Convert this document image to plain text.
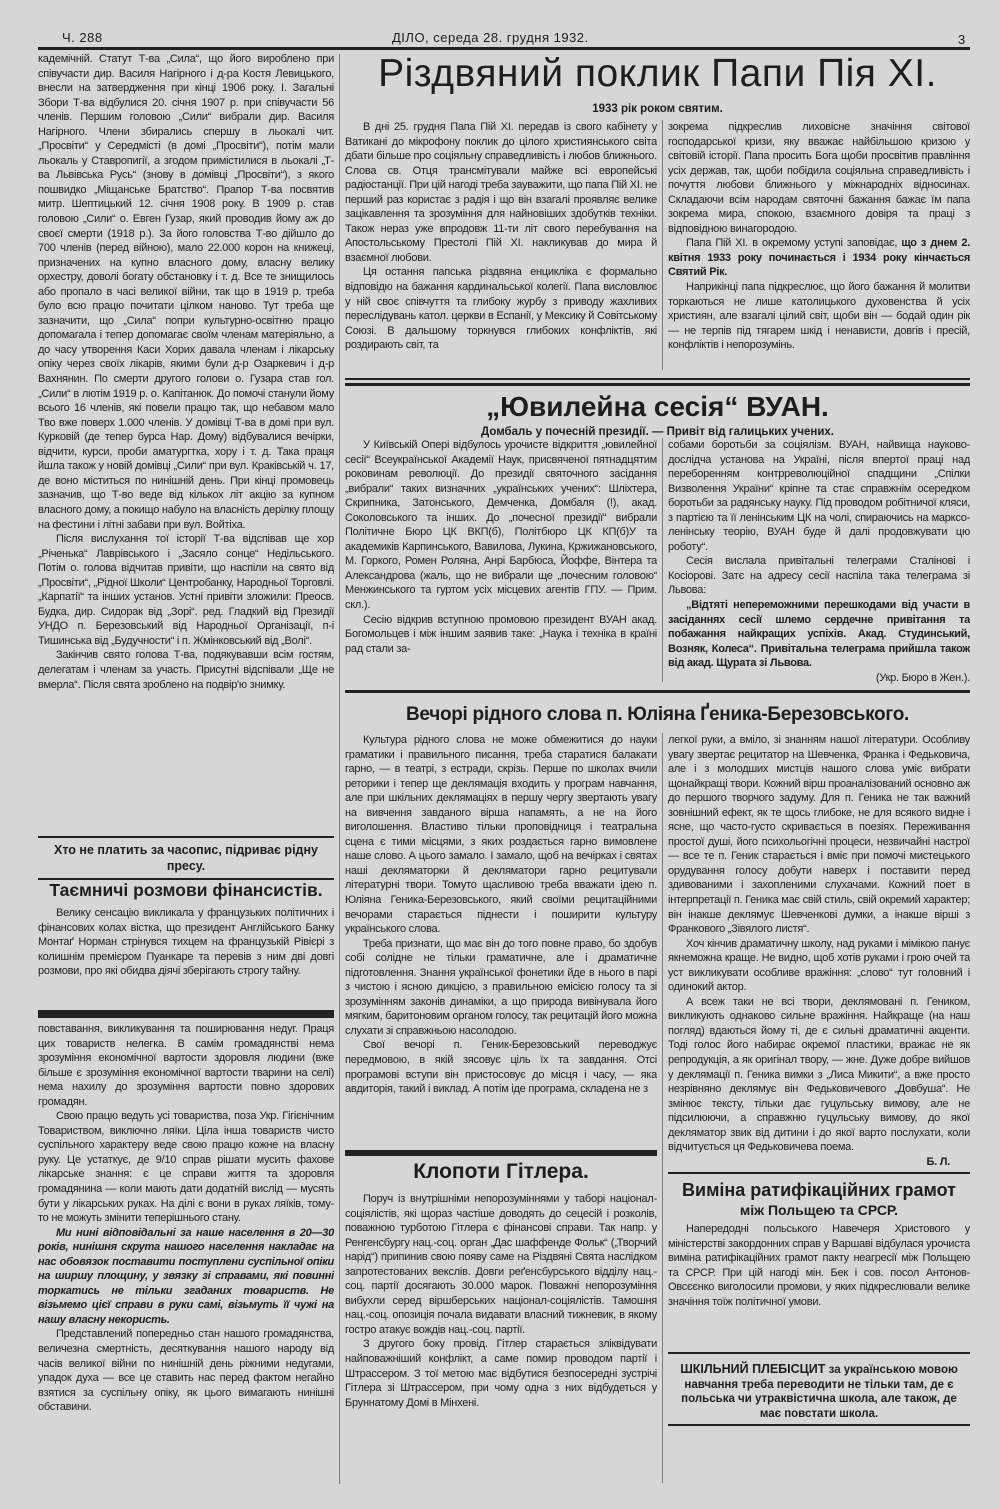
Ч. 288	ДІЛО, середа 28. грудня 1932.	3

кадемічній. Статут Т-ва „Сила“, що його вироблено при співучасти дир. Василя Нагірного і д-ра Костя Левицького, внесли на затвердження при кінці 1906 року. І. Загальні Збори Т-ва відбулися 20. січня 1907 р. при співучасти 56 членів. Першим головою „Сили“ вибрали дир. Василя Нагірного. Члени збирались спершу в льокалі чит. „Просвіти“ у Середмісті (в домі „Просвіти“), потім мали льокаль у Ставропигії, а згодом примістилися в льокалі „Т-ва Львівська Русь“ (знову в домівці „Просвіти“), з якого пошвидко „Міщанське Братство“. Прапор Т-ва посвятив митр. Шептицький 12. січня 1908 року. В 1909 р. став головою „Сили“ о. Евген Гузар, який проводив йому аж до своєї смерти (1918 р.). За його головства Т-во дійшло до 700 членів (перед війною), мало 22.000 корон на книжеці, призначених на купно власного дому, власну велику орхестру, доволі богату обстановку і т. д. Все те знищилось або пропало в часі великої війни, так що в 1919 р. треба було всю працю почитати цілком наново. Тут треба ще зазначити, що „Сила“ попри культурно-освітню працю допомагала і тепер допомагає своїм членам матеріяльно, а до часу утворення Каси Хорих давала членам і лікарську опіку через своїх лікарів, якими були д-р Озаркевич і д-р Вахнянин. По смерти другого голови о. Гузара став гол. „Сили“ в лютім 1919 р. о. Капітанюк. До помочі станули йому всього 16 членів, які повели працю так, що небавом мало Тво вже поверх 1.000 членів. У домівці Т-ва в домі при вул. Курковій (де тепер бурса Нар. Дому) відбувалися вечірки, відчити, курси, проби аматургтка, хору і т. д. Така праця йшла також у новій домівці „Сили“ при вул. Краківській ч. 17, де воно міститься по нинішній день. При кінці промовець зазначив, що Т-во веде від кількох літ акцію за купном власного дому, а покищо набуло на власність дерілку площу на фестини і літні забави при вул. Войтіха.

Після вислухання тої історії Т-ва відспівав ще хор „Річенька“ Лаврівського і „Засяло сонце“ Недільського. Потім о. голова відчитав привіти, що наспіли на свято від „Просвіти“, „Рідної Школи“ Центробанку, Народньої Торговлі. „Карпатії“ та інших установ. Устні привіти зложили: Преосв. Будка, дир. Сидорак від „Зорі“. ред. Гладкий від Президії УНДО п. Березовський від Народньої Організації, п-і Тишинська від „Будучности“ і п. Жмінковський від „Волі“.

Закінчив свято голова Т-ва, подякувавши всім гостям, делегатам і членам за участь. Присутні відспівали „Ще не вмерла“. Після свята зроблено на подвір'ю знимку.

Хто не платить за часопис, підриває рідну пресу.
Таємничі розмови фінансистів.

Велику сенсацію викликала у французьких політичних і фінансових колах вістка, що президент Англійського Банку Монтаґ Норман стрінувся тихцем на французькій Рівієрі з колишнім премієром Пуанкаре та перевів з ним дві довгі розмови, про які обидва діячі зберігають строгу тайну.

повставання, викликування та поширювання недуг. Праця цих товариств нелегка. В самім громадянстві нема зрозуміння економічної вартости здоровля людини (вже більше є зрозуміння економічної вартости тварини на селі) нема нахилу до зрозуміння вартости повно здорових громадян.

Свою працю ведуть усі товариства, поза Укр. Гігієнічним Товариством, виключно ляїки. Ціла інша товариств чисто суспільного характеру веде свою працю кожне на власну руку. Це устаткує, де 9/10 справ рішати мусить фахове лікарське знання: є це справи життя та здоровля громадянина — коли мають дати додатній вислід — мусять бути у лікарських руках. На ділі є вони в руках ляїків, тому-то не можуть змінити теперішнього стану.

Ми нині відповідальні за наше населення в 20—30 років, нинішня скрута нашого населення накладає на нас обовязок поставити поступлени суспільної опіки на ширшу площину, у звязку зі справами, які повинні торкатись не тільки згаданих товариств. Не візьмемо цієї справи в руки самі, візьмуть її чужі на нашу власну некористь.

Представлений попередньо стан нашого громадянства, величезна смертність, десяткування нашого народу від часів великої війни по нинішній день ріжними недугами, упадок духа — все це ставить нас перед фактом негайно взятися за суспільну опіку, як цього вимагають нинішні обставини.

Різдвяний поклик Папи Пія XI.
1933 рік роком святим.

В дні 25. грудня Папа Пій XI. передав із свого кабінету у Ватикані до мікрофону поклик до цілого християнського світа дбати більше про соціяльну справедливість і любов ближнього. Слова св. Отця трансмітували майже всі европейські радіостанції. При цій нагоді треба зауважити, що папа Пій XI. не перший раз користає з радія і що він взагалі проявляє велике зацікавлення та зрозуміння для найновіших здобутків техніки. Також нераз уже впродовж 11-ти літ свого перебування на Апостольському Престолі Пій XI. накликував до мира й взаємної любови.

Ця остання папська різдвяна енцикліка є формально відповідю на бажання кардинальської колегії. Папа висловлює у ній своє співчуття та глибоку журбу з приводу жахливих переслідувань катол. церкви в Еспанії, у Мексику й Совітському Союзі. В дальшому торкнувся глибоких конфліктів, які роздирають світ, та

зокрема підкреслив лиховісне значіння світової господарської кризи, яку вважає найбільшою кризою у світовій історії. Папа просить Бога щоби просвітив правління усіх держав, так, щоби побідила соціяльна справедливість і почуття любови ближнього у міжнародніх відносинах. Складаючи всім народам святочні бажання бажає їм папа зокрема мира, спокою, взаємного довіря та праці з відповідною винагородою.

Папа Пій XI. в окремому уступі заповідає, що з днем 2. квітня 1933 року починається і 1934 року кінчається Святий Рік.

Наприкінці папа підкреслює, що його бажання й молитви торкаються не лише католицького духовенства й усіх християн, але взагалі цілий світ, щоби він — бодай один рік — не терпів під тягарем шкід і ненависти, довгів і пресій, конфліктів і непорозумінь.

„Ювилейна сесія“ ВУАН.
Домбаль у почесній президії. — Привіт від галицьких учених.

У Київській Опері відбулось урочисте відкриття „ювилейної сесії“ Всеукраїнської Академії Наук, присвяченої пятнадцятим роковинам революції. До президії святочного засідання „вибрали“ таких визначних „українських учених“: Шліхтера, Скрипника, Затонського, Демченка, Домбаля (!), акад. Соколовського та інших. До „почесної президії“ вибрали Політичне Бюро ЦК ВКП(б), Політбюро ЦК КП(б)У та академиків Карпинського, Вавилова, Лукина, Кржижановського, М. Горкого, Ромен Роляна, Анрі Барбюса, Йоффе, Вінтера та Александрова (жаль, що не вибрали ще „почесним головою“ Менжинського та гуртом усіх місцевих агентів ГПУ. — Прим. скл.).

Сесію відкрив вступною промовою президент ВУАН акад. Богомольцев і між іншим заявив таке: „Наука і техніка в країні рад стали за-

собами боротьби за соціялізм. ВУАН, найвища науково-дослідча установа на Україні, після впертої праці над переборенням контрреволюційної спадщини „Спілки Визволення України“ кріпне та стає справжнім осередком боротьби за радянську науку. Під проводом робітничої кляси, з партією та її ленінським ЦК на чолі, спираючись на марксо-ленінську теорію, ВУАН буде й далі продовжувати цю роботу“.

Сесія вислала привітальні телеграми Сталінові і Косіорові. Затє на адресу сесії наспіла така телеграма зі Львова:

„Відтяті непереможними перешкодами від участи в засіданнях сесії шлемо сердечне привітання та побажання найкращих успіхів. Акад. Студинський, Возняк, Колеса“. Привітальна телеграма прийшла також від акад. Щурата зі Львова.

(Укр. Бюро в Жен.).

Вечорі рідного слова п. Юліяна Ґеника-Березовського.

Культура рідного слова не може обмежитися до науки граматики і правильного писання, треба старатися балакати гарно, — в театрі, з естради, скрізь. Перше по школах вчили реторики і тепер ще деклямація входить у програм навчання, але при шкільних деклямаціях в першу чергу звертають увагу на вивчення завданого вірша напамять, а не на його виголошення. Властиво тільки проповідниця і театральна сцена є тими місцями, з яких роздається гарно вимовлене наше слово. А цього замало. І замало, щоб на вечірках і святах наші декляматорки й декляматори гарно рецитували літературні твори. Томуто щасливою треба вважати ідею п. Юліяна Геника-Березовського, який своїми рецитаційними вечорами старається піднести і поширити культуру українського слова.

Треба признати, що має він до того повне право, бо здобув собі солідне не тільки граматичне, але і драматичне підготовлення. Знання української фонетики йде в нього в парі з чистою і ясною дикцією, з правильною емісією голосу та зі зрозумінням законів динаміки, а що природа вивінувала його мягким, баритоновим органом голосу, так рецитацій його можна слухати зі справжньою насолодою.

Свої вечорі п. Геник-Березовський переводжує передмовою, в якій зясовує ціль їх та завдання. Отсі програмові вступи він пристосовує до місця і часу, — яка авдиторія, такий і виклад. А потім іде програма, складена не з

легкої руки, а вміло, зі знанням нашої літератури. Особливу увагу звертає рецитатор на Шевченка, Франка і Федьковича, але і з молодших мистців нашого слова уміє вибрати щонайкращі твори. Кожний вірш проаналізований основно аж до першого творчого задуму. Для п. Геника не так важний зовнішний ефект, як те щось глибоке, не для всякого видне і ясне, що часто-густо скривається в поезіях. Переживання простої душі, його психольогічні процеси, незвичайні настрої — все те п. Геник старається і вміє при помочі мистецького орудування голосу добути наверх і поставити перед здивованими і захопленими слухачами. Кожний поет в інтерпретації п. Геника має свій стиль, свій окремий характер; він інакше деклямує Шевченкові думки, а інакше вірші з Франкового „Зівялого листя“.

Хоч кінчив драматичну школу, над руками і мімікою панує якнеможна краще. Не видно, щоб хотів руками і грою очей та уст викликувати особливе вражіння: „слово“ тут головний і одинокий актор.

А всеж таки не всі твори, деклямовані п. Геником, викликують однаково сильне вражіння. Найкраще (на наш погляд) вдаються йому ті, де є сильні драматичні акценти. Тоді голос його набирає окремої пластики, вражає не як репродукція, а як оригінал твору, — жне. Дуже добре вийшов у деклямації п. Геника вимки з „Лиса Микити“, а вже просто незрівняно деклямує він Федьковичевого „Довбуша“. Не змінює тексту, тільки дає гуцульську вимову, але не підсилюючи, а справжню гуцульську вимову, до якої декляматор звик від дитини і до якої варто послухати, коли відчитується ця Федьковичева поема.

Б. Л.

Клопоти Гітлера.

Поруч із внутрішніми непорозуміннями у таборі націонал-соціялістів, які щораз частіше доводять до сецесій і розколів, поважною турботою Гітлера є фінансові справи. Так напр. у Ренгенсбургу нац.-соц. орган „Дас шаффенде Фольк“ („Творчий нарід“) припинив свою появу саме на Різдвяні Свята наслідком запротестованих векслів. Довги реґенсбурського відділу нац.-соц. партії досягають 30.000 марок. Поважні непорозуміння вибухли серед віршберських націонал-соціялістів. Тамошня нац.-соц. опозиція почала видавати власний тижневик, в якому гостро атакує вождів нац.-соц. партії.

З другого боку провід. Гітлер старається зліквідувати найповажніший конфлікт, а саме помир проводом партії і Штрассером. З тої метою має відбутися безпосередні зустрічі Гітлера зі Штрассером, при чому одна з них відбудеться у Бруннатому Домі в Мінхені.

Виміна ратифікаційних грамот
між Польщею та СРСР.

Напередодні польського Навечеря Христового у міністерстві закордонних справ у Варшаві відбулася урочиста виміна ратифікаційних грамот пакту неагресії між Польщею та СРСР. При цій нагоді мін. Бек і сов. посол Антонов-Овсєєнко виголосили промови, у яких підкреслювали велике значіння тоїж політичної умови.

ШКІЛЬНИЙ ПЛЕБІСЦИТ за українською мовою навчання треба переводити не тільки там, де є польська чи утраквістична школа, але також, де має повстати школа.
